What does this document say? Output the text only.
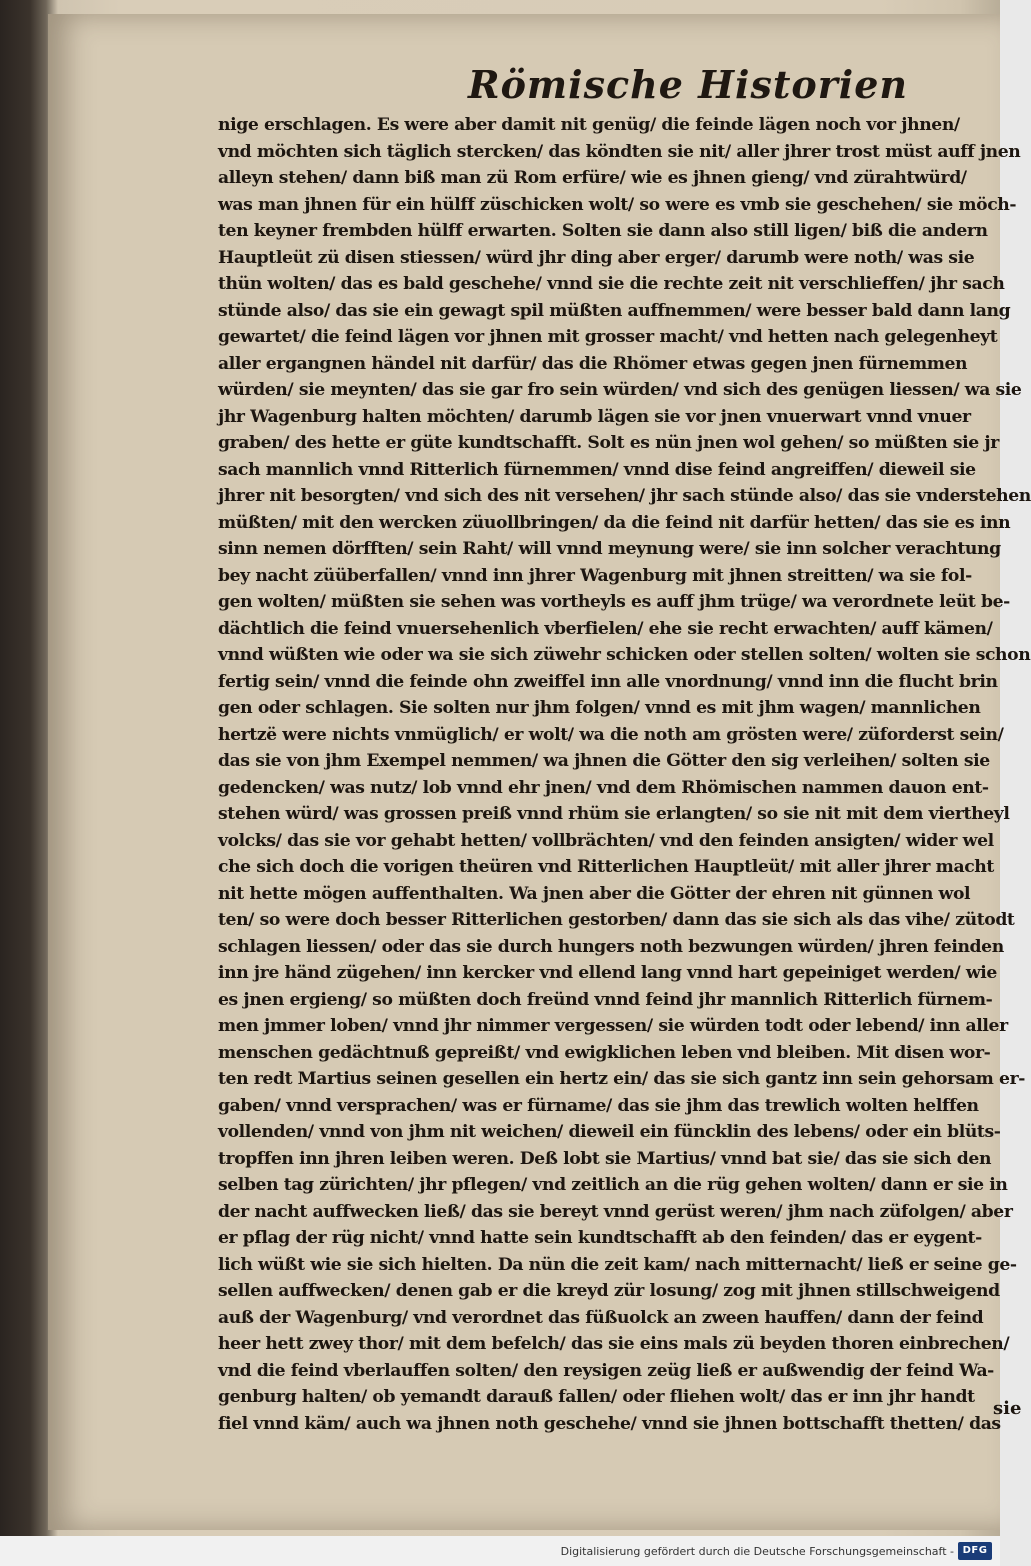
Römische Historien
nige erschlagen. Es were aber damit nit genüg/ die feinde lägen noch vor jhnen/
vnd möchten sich täglich stercken/ das köndten sie nit/ aller jhrer trost müst auff jnen
alleyn stehen/ dann biß man zü Rom erfüre/ wie es jhnen gieng/ vnd zürahtwürd/
was man jhnen für ein hülff züschicken wolt/ so were es vmb sie geschehen/ sie möch-
ten keyner frembden hülff erwarten. Solten sie dann also still ligen/ biß die andern
Hauptleüt zü disen stiessen/ würd jhr ding aber erger/ darumb were noth/ was sie
thün wolten/ das es bald geschehe/ vnnd sie die rechte zeit nit verschlieffen/ jhr sach
stünde also/ das sie ein gewagt spil müßten auffnemmen/ were besser bald dann lang
gewartet/ die feind lägen vor jhnen mit grosser macht/ vnd hetten nach gelegenheyt
aller ergangnen händel nit darfür/ das die Rhömer etwas gegen jnen fürnemmen
würden/ sie meynten/ das sie gar fro sein würden/ vnd sich des genügen liessen/ wa sie
jhr Wagenburg halten möchten/ darumb lägen sie vor jnen vnuerwart vnnd vnuer
graben/ des hette er güte kundtschafft. Solt es nün jnen wol gehen/ so müßten sie jr
sach mannlich vnnd Ritterlich fürnemmen/ vnnd dise feind angreiffen/ dieweil sie
jhrer nit besorgten/ vnd sich des nit versehen/ jhr sach stünde also/ das sie vnderstehen
müßten/ mit den wercken züuollbringen/ da die feind nit darfür hetten/ das sie es inn
sinn nemen dörfften/ sein Raht/ will vnnd meynung were/ sie inn solcher verachtung
bey nacht züüberfallen/ vnnd inn jhrer Wagenburg mit jhnen streitten/ wa sie fol-
gen wolten/ müßten sie sehen was vortheyls es auff jhm trüge/ wa verordnete leüt be-
dächtlich die feind vnuersehenlich vberfielen/ ehe sie recht erwachten/ auff kämen/
vnnd wüßten wie oder wa sie sich züwehr schicken oder stellen solten/ wolten sie schon
fertig sein/ vnnd die feinde ohn zweiffel inn alle vnordnung/ vnnd inn die flucht brin
gen oder schlagen. Sie solten nur jhm folgen/ vnnd es mit jhm wagen/ mannlichen
hertzë were nichts vnmüglich/ er wolt/ wa die noth am grösten were/ züforderst sein/
das sie von jhm Exempel nemmen/ wa jhnen die Götter den sig verleihen/ solten sie
gedencken/ was nutz/ lob vnnd ehr jnen/ vnd dem Rhömischen nammen dauon ent-
stehen würd/ was grossen preiß vnnd rhüm sie erlangten/ so sie nit mit dem viertheyl
volcks/ das sie vor gehabt hetten/ vollbrächten/ vnd den feinden ansigten/ wider wel
che sich doch die vorigen theüren vnd Ritterlichen Hauptleüt/ mit aller jhrer macht
nit hette mögen auffenthalten. Wa jnen aber die Götter der ehren nit günnen wol
ten/ so were doch besser Ritterlichen gestorben/ dann das sie sich als das vihe/ zütodt
schlagen liessen/ oder das sie durch hungers noth bezwungen würden/ jhren feinden
inn jre händ zügehen/ inn kercker vnd ellend lang vnnd hart gepeiniget werden/ wie
es jnen ergieng/ so müßten doch freünd vnnd feind jhr mannlich Ritterlich fürnem-
men jmmer loben/ vnnd jhr nimmer vergessen/ sie würden todt oder lebend/ inn aller
menschen gedächtnuß gepreißt/ vnd ewigklichen leben vnd bleiben. Mit disen wor-
ten redt Martius seinen gesellen ein hertz ein/ das sie sich gantz inn sein gehorsam er-
gaben/ vnnd versprachen/ was er fürname/ das sie jhm das trewlich wolten helffen
vollenden/ vnnd von jhm nit weichen/ dieweil ein füncklin des lebens/ oder ein blüts-
tropffen inn jhren leiben weren. Deß lobt sie Martius/ vnnd bat sie/ das sie sich den
selben tag zürichten/ jhr pflegen/ vnd zeitlich an die rüg gehen wolten/ dann er sie in
der nacht auffwecken ließ/ das sie bereyt vnnd gerüst weren/ jhm nach züfolgen/ aber
er pflag der rüg nicht/ vnnd hatte sein kundtschafft ab den feinden/ das er eygent-
lich wüßt wie sie sich hielten. Da nün die zeit kam/ nach mitternacht/ ließ er seine ge-
sellen auffwecken/ denen gab er die kreyd zür losung/ zog mit jhnen stillschweigend
auß der Wagenburg/ vnd verordnet das füßuolck an zween hauffen/ dann der feind
heer hett zwey thor/ mit dem befelch/ das sie eins mals zü beyden thoren einbrechen/
vnd die feind vberlauffen solten/ den reysigen zeüg ließ er außwendig der feind Wa-
genburg halten/ ob yemandt darauß fallen/ oder fliehen wolt/ das er inn jhr handt
fiel vnnd käm/ auch wa jhnen noth geschehe/ vnnd sie jhnen bottschafft thetten/ das
sie
Digitalisierung gefördert durch die Deutsche Forschungsgemeinschaft - DFG
